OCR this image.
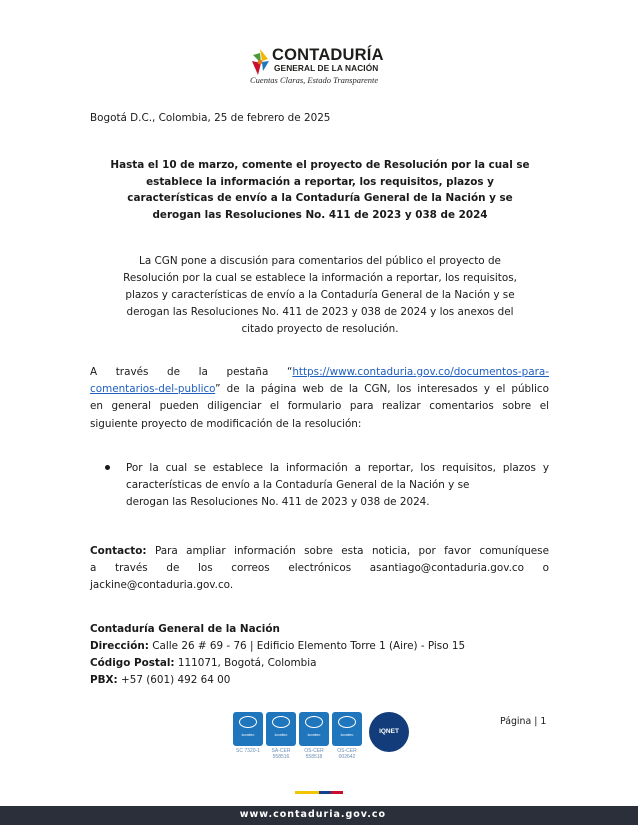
CONTADURÍA
GENERAL DE LA NACIÓN
Cuentas Claras, Estado Transparente
Bogotá D.C., Colombia, 25 de febrero de 2025
Hasta el 10 de marzo, comente el proyecto de Resolución por la cual se
establece la información a reportar, los requisitos, plazos y
características de envío a la Contaduría General de la Nación y se
derogan las Resoluciones No. 411 de 2023 y 038 de 2024
La CGN pone a discusión para comentarios del público el proyecto de
Resolución por la cual se establece la información a reportar, los requisitos,
plazos y características de envío a la Contaduría General de la Nación y se
derogan las Resoluciones No. 411 de 2023 y 038 de 2024 y los anexos del
citado proyecto de resolución.
A través de la pestaña “https://www.contaduria.gov.co/documentos-para-
comentarios-del-publico” de la página web de la CGN, los interesados y el público
en general pueden diligenciar el formulario para realizar comentarios sobre el
siguiente proyecto de modificación de la resolución:
Por la cual se establece la información a reportar, los requisitos, plazos y
características de envío a la Contaduría General de la Nación y se
derogan las Resoluciones No. 411 de 2023 y 038 de 2024.
Contacto: Para ampliar información sobre esta noticia, por favor comuníquese
a través de los correos electrónicos asantiago@contaduria.gov.co o
jackine@contaduria.gov.co.
Contaduría General de la Nación
Dirección: Calle 26 # 69 - 76 | Edificio Elemento Torre 1 (Aire) - Piso 15
Código Postal: 111071, Bogotá, Colombia
PBX: +57 (601) 492 64 00
Página | 1
icontec
SC 7320-1
icontec
SA-CER 558516
icontec
OS-CER 558518
icontec
OS-CER 002642
IQNET
www.contaduria.gov.co
